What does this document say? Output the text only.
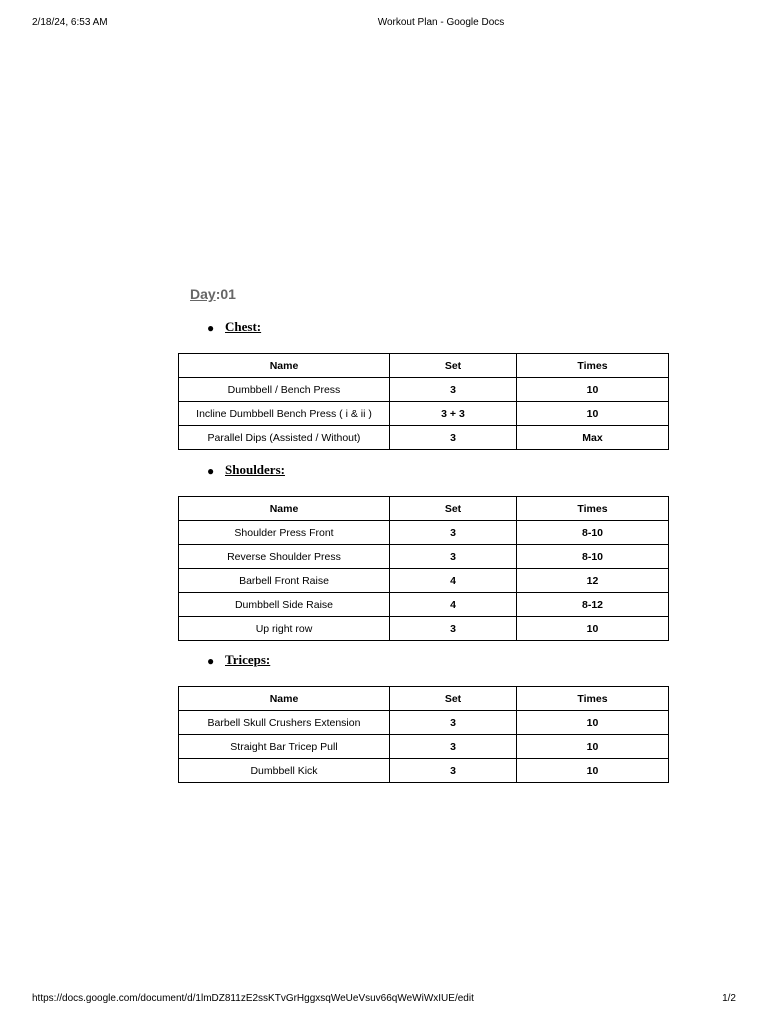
2/18/24, 6:53 AM	Workout Plan - Google Docs
Day:01
● Chest:
Name	Set	Times
Dumbbell / Bench Press	3	10
Incline Dumbbell Bench Press ( i & ii )	3 + 3	10
Parallel Dips (Assisted / Without)	3	Max
● Shoulders:
Name	Set	Times
Shoulder Press Front	3	8-10
Reverse Shoulder Press	3	8-10
Barbell Front Raise	4	12
Dumbbell Side Raise	4	8-12
Up right row	3	10
● Triceps:
Name	Set	Times
Barbell Skull Crushers Extension	3	10
Straight Bar Tricep Pull	3	10
Dumbbell Kick	3	10
https://docs.google.com/document/d/1lmDZ811zE2ssKTvGrHggxsqWeUeVsuv66qWeWiWxIUE/edit	1/2
